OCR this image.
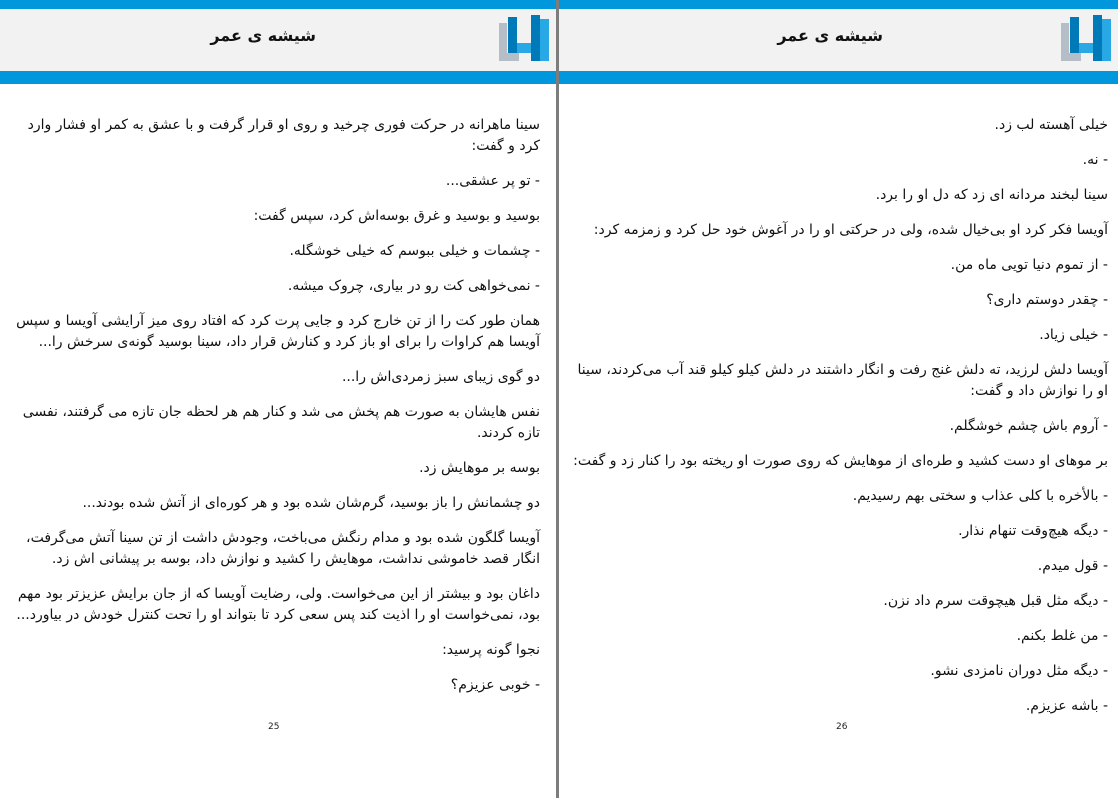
شیشه ی عمر

سینا ماهرانه در حرکت فوری چرخید و روی او قرار گرفت و با عشق به کمر او فشار وارد کرد و گفت:

- تو پر عشقی...

بوسید و بوسید و غرق بوسه‌اش کرد، سپس گفت:

- چشمات و خیلی ببوسم که خیلی خوشگله.

- نمی‌خواهی کت رو در بیاری، چروک میشه.

همان طور کت را از تن خارج کرد و جایی پرت کرد که افتاد روی میز آرایشی آویسا و سپس آویسا هم کراوات را برای او باز کرد و کنارش قرار داد، سینا بوسید گونه‌ی سرخش را...

دو گوی زیبای سبز زمردی‌اش را...

نفس هایشان به صورت هم پخش می شد و کنار هم هر لحظه جان تازه می گرفتند، نفسی تازه کردند.

بوسه بر موهایش زد.

دو چشمانش را باز بوسید، گرم‌شان شده بود و هر کوره‌ای از آتش شده بودند...

آویسا گلگون شده بود و مدام رنگش می‌باخت، وجودش داشت از تن سینا آتش می‌گرفت، انگار قصد خاموشی نداشت، موهایش را کشید و نوازش داد، بوسه بر پیشانی اش زد.

داغان بود و بیشتر از این می‌خواست. ولی، رضایت آویسا که از جان برایش عزیزتر بود مهم بود، نمی‌خواست او را اذیت کند پس سعی کرد تا بتواند او را تحت کنترل خودش در بیاورد...

نجوا گونه پرسید:

- خوبی عزیزم؟

25
شیشه ی عمر

خیلی آهسته لب زد.

- نه.

سینا لبخند مردانه ای زد که دل او را برد.

آویسا فکر کرد او بی‌خیال شده، ولی در حرکتی او را در آغوش خود حل کرد و زمزمه کرد:

- از تموم دنیا تویی ماه من.

- چقدر دوستم داری؟

- خیلی زیاد.

آویسا دلش لرزید، ته دلش غنج رفت و انگار داشتند در دلش کیلو کیلو قند آب می‌کردند، سینا او را نوازش داد و گفت:

- آروم باش چشم خوشگلم.

بر موهای او دست کشید و طره‌ای از موهایش که روی صورت او ریخته بود را کنار زد و گفت:

- بالأخره با کلی عذاب و سختی بهم رسیدیم.

- دیگه هیچ‌وقت تنهام نذار.

- قول میدم.

- دیگه مثل قبل هیچوقت سرم داد نزن.

- من غلط بکنم.

- دیگه مثل دوران نامزدی نشو.

- باشه عزیزم.

26
